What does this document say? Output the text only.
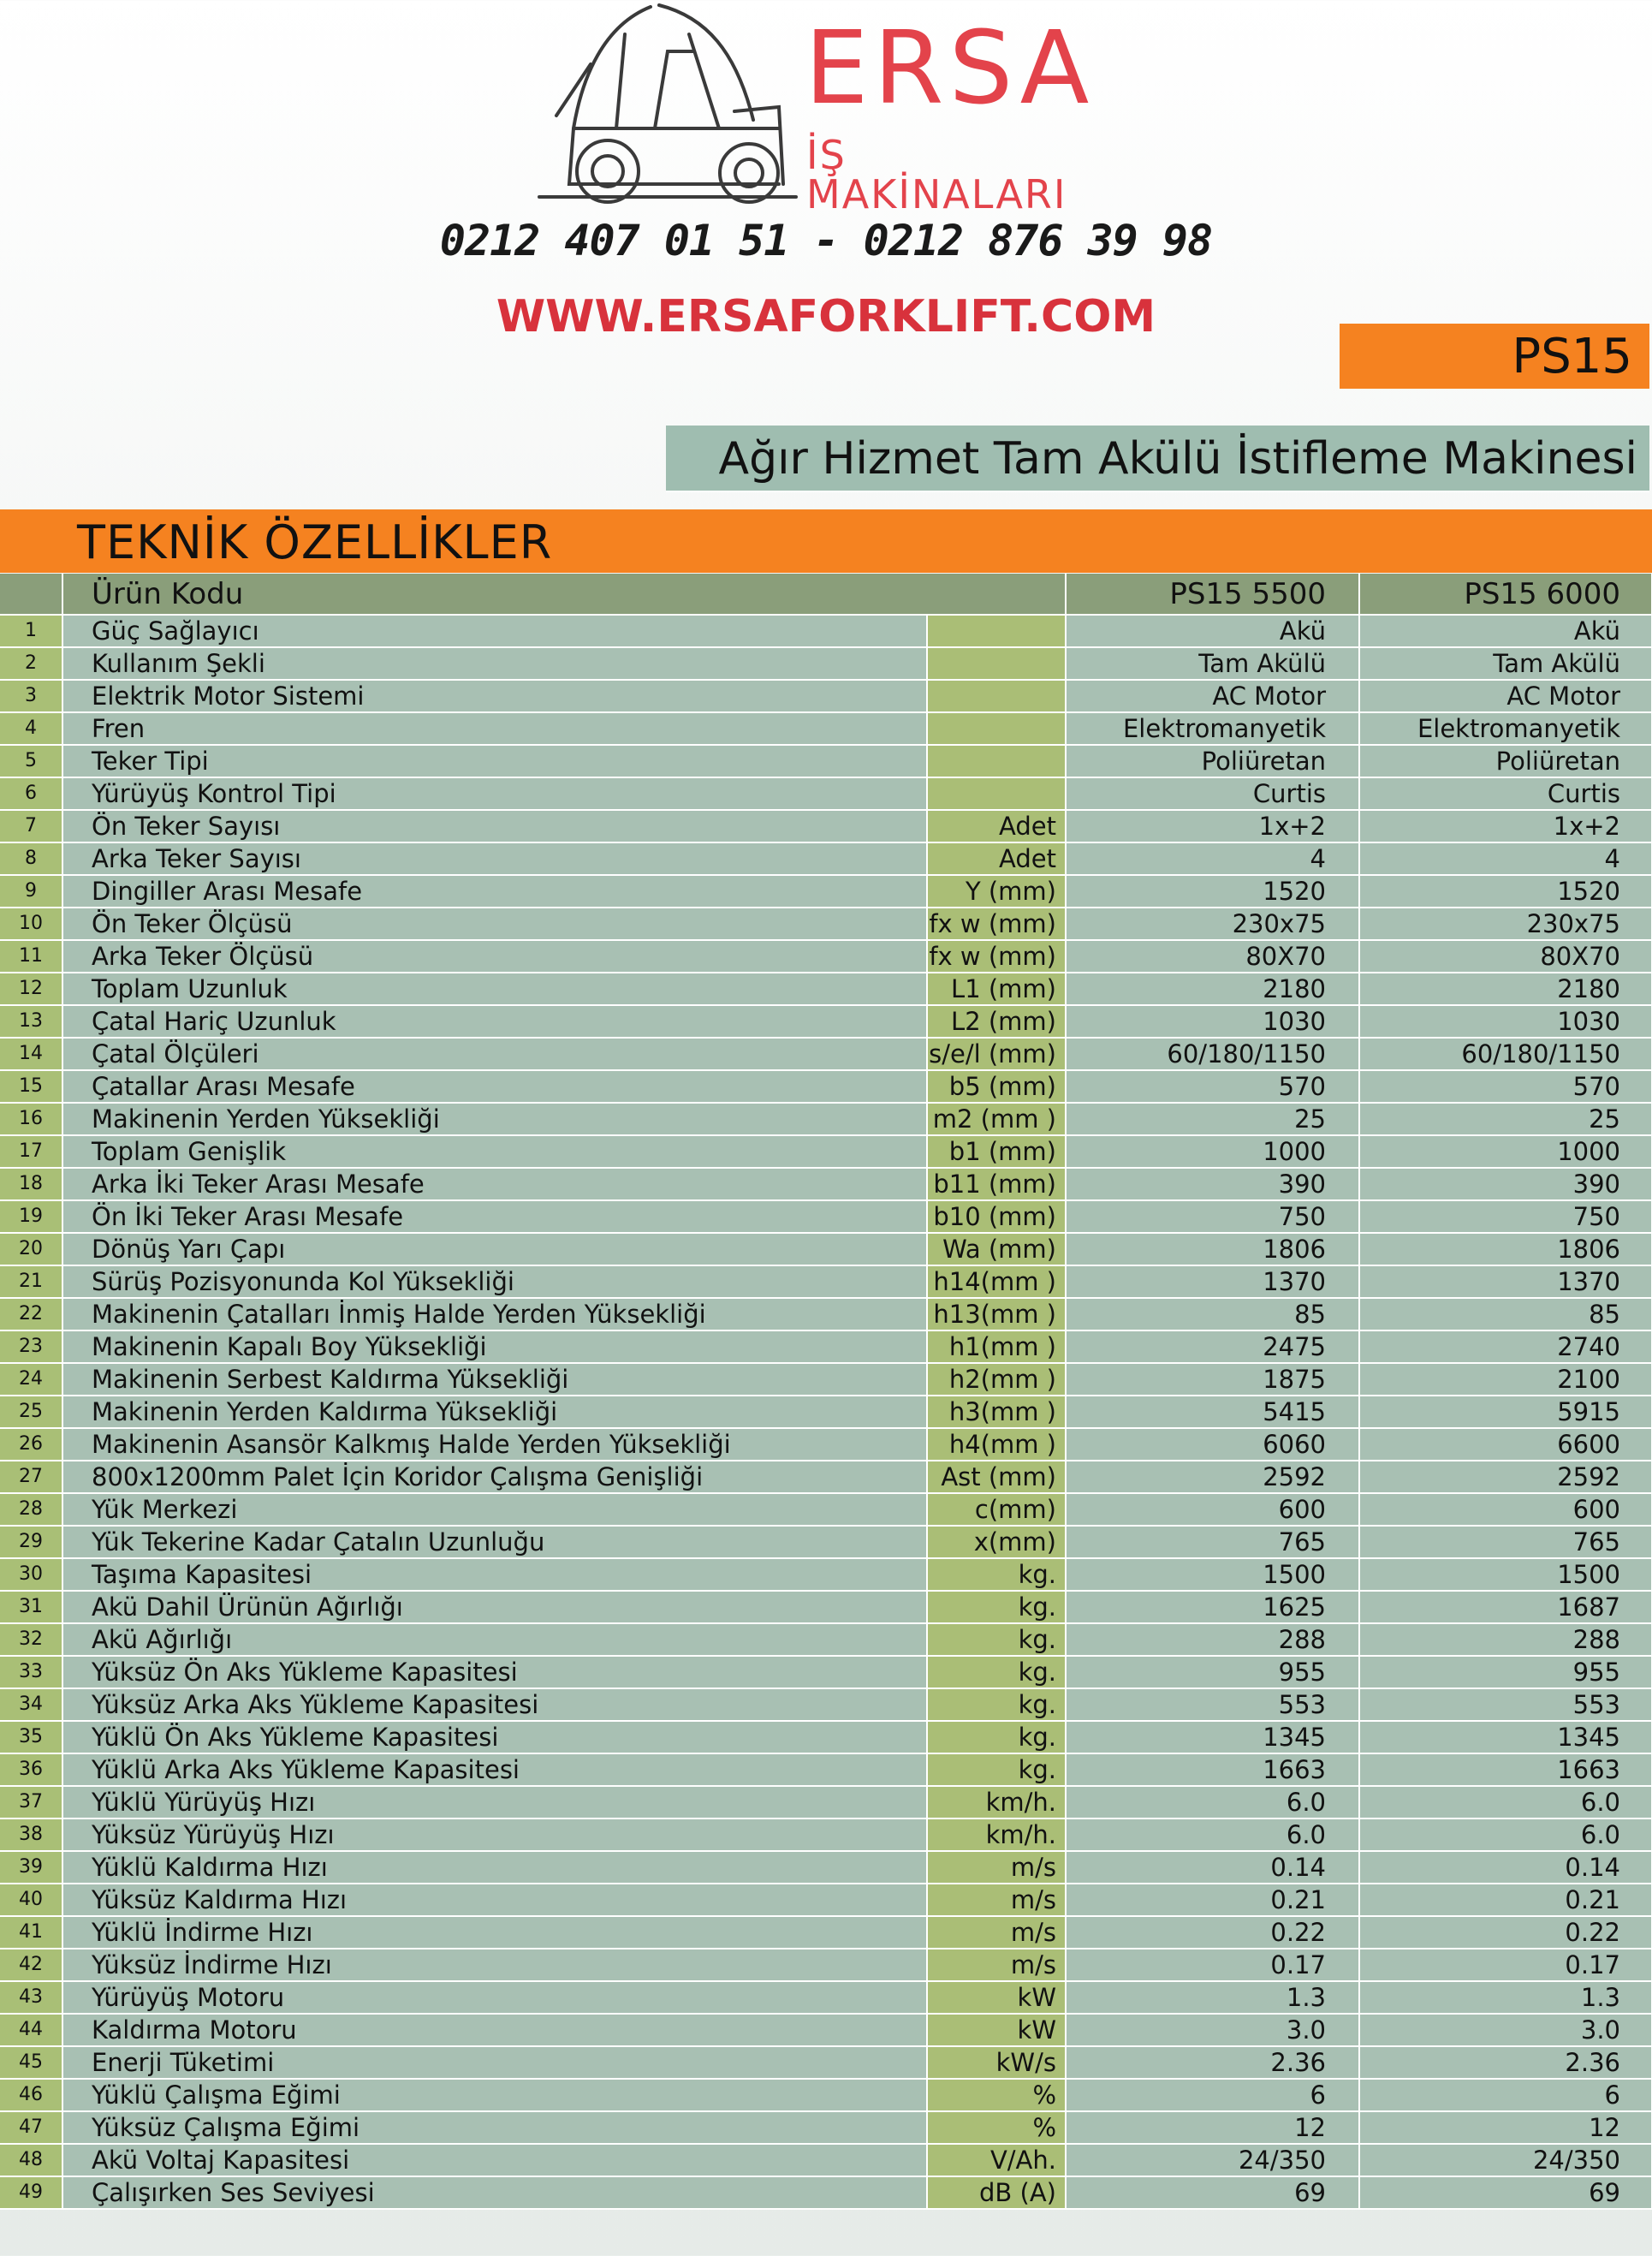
ERSA
İŞ MAKİNALARI
0212 407 01 51 - 0212 876 39 98
WWW.ERSAFORKLIFT.COM
PS15
Ağır Hizmet Tam Akülü İstifleme Makinesi
TEKNİK ÖZELLİKLER
	Ürün Kodu		PS15 5500	PS15 6000
1	Güç Sağlayıcı		Akü	Akü
2	Kullanım Şekli		Tam Akülü	Tam Akülü
3	Elektrik Motor Sistemi		AC Motor	AC Motor
4	Fren		Elektromanyetik	Elektromanyetik
5	Teker Tipi		Poliüretan	Poliüretan
6	Yürüyüş Kontrol Tipi		Curtis	Curtis
7	Ön Teker Sayısı	Adet	1x+2	1x+2
8	Arka Teker Sayısı	Adet	4	4
9	Dingiller Arası Mesafe	Y (mm)	1520	1520
10	Ön Teker Ölçüsü	fx w (mm)	230x75	230x75
11	Arka Teker Ölçüsü	fx w (mm)	80X70	80X70
12	Toplam Uzunluk	L1 (mm)	2180	2180
13	Çatal Hariç Uzunluk	L2 (mm)	1030	1030
14	Çatal Ölçüleri	s/e/l (mm)	60/180/1150	60/180/1150
15	Çatallar Arası Mesafe	b5 (mm)	570	570
16	Makinenin Yerden Yüksekliği	m2 (mm )	25	25
17	Toplam Genişlik	b1 (mm)	1000	1000
18	Arka İki Teker Arası Mesafe	b11 (mm)	390	390
19	Ön İki Teker Arası Mesafe	b10 (mm)	750	750
20	Dönüş Yarı Çapı	Wa (mm)	1806	1806
21	Sürüş Pozisyonunda Kol Yüksekliği	h14(mm )	1370	1370
22	Makinenin Çatalları İnmiş Halde Yerden Yüksekliği	h13(mm )	85	85
23	Makinenin Kapalı Boy Yüksekliği	h1(mm )	2475	2740
24	Makinenin Serbest Kaldırma Yüksekliği	h2(mm )	1875	2100
25	Makinenin Yerden Kaldırma Yüksekliği	h3(mm )	5415	5915
26	Makinenin Asansör Kalkmış Halde Yerden Yüksekliği	h4(mm )	6060	6600
27	800x1200mm Palet İçin Koridor Çalışma Genişliği	Ast (mm)	2592	2592
28	Yük Merkezi	c(mm)	600	600
29	Yük Tekerine Kadar Çatalın Uzunluğu	x(mm)	765	765
30	Taşıma Kapasitesi	kg.	1500	1500
31	Akü Dahil Ürünün Ağırlığı	kg.	1625	1687
32	Akü Ağırlığı	kg.	288	288
33	Yüksüz Ön Aks Yükleme Kapasitesi	kg.	955	955
34	Yüksüz Arka Aks Yükleme Kapasitesi	kg.	553	553
35	Yüklü Ön Aks Yükleme Kapasitesi	kg.	1345	1345
36	Yüklü Arka Aks Yükleme Kapasitesi	kg.	1663	1663
37	Yüklü Yürüyüş Hızı	km/h.	6.0	6.0
38	Yüksüz Yürüyüş Hızı	km/h.	6.0	6.0
39	Yüklü Kaldırma Hızı	m/s	0.14	0.14
40	Yüksüz Kaldırma Hızı	m/s	0.21	0.21
41	Yüklü İndirme Hızı	m/s	0.22	0.22
42	Yüksüz İndirme Hızı	m/s	0.17	0.17
43	Yürüyüş Motoru	kW	1.3	1.3
44	Kaldırma Motoru	kW	3.0	3.0
45	Enerji Tüketimi	kW/s	2.36	2.36
46	Yüklü Çalışma Eğimi	%	6	6
47	Yüksüz Çalışma Eğimi	%	12	12
48	Akü Voltaj Kapasitesi	V/Ah.	24/350	24/350
49	Çalışırken Ses Seviyesi	dB (A)	69	69
